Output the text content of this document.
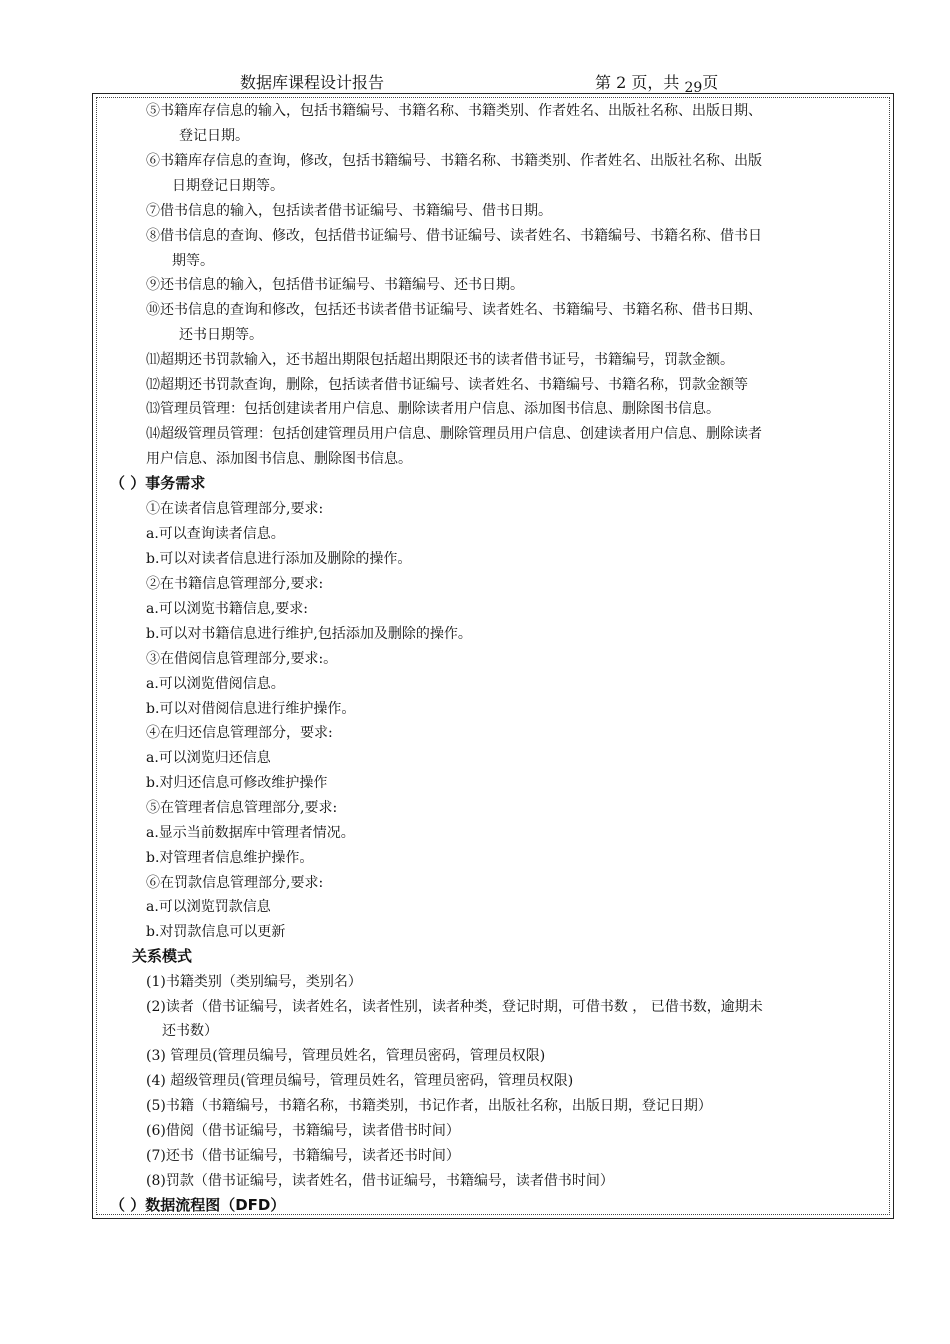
数据库课程设计报告	第 2 页，共 29页
⑤书籍库存信息的输入，包括书籍编号、书籍名称、书籍类别、作者姓名、出版社名称、出版日期、
登记日期。
⑥书籍库存信息的查询，修改，包括书籍编号、书籍名称、书籍类别、作者姓名、出版社名称、出版
日期登记日期等。
⑦借书信息的输入，包括读者借书证编号、书籍编号、借书日期。
⑧借书信息的查询、修改，包括借书证编号、借书证编号、读者姓名、书籍编号、书籍名称、借书日
期等。
⑨还书信息的输入，包括借书证编号、书籍编号、还书日期。
⑩还书信息的查询和修改，包括还书读者借书证编号、读者姓名、书籍编号、书籍名称、借书日期、
还书日期等。
⑾超期还书罚款输入，还书超出期限包括超出期限还书的读者借书证号，书籍编号，罚款金额。
⑿超期还书罚款查询，删除，包括读者借书证编号、读者姓名、书籍编号、书籍名称，罚款金额等
⒀管理员管理：包括创建读者用户信息、删除读者用户信息、添加图书信息、删除图书信息。
⒁超级管理员管理：包括创建管理员用户信息、删除管理员用户信息、创建读者用户信息、删除读者
用户信息、添加图书信息、删除图书信息。
（ ）事务需求
①在读者信息管理部分,要求:
a.可以查询读者信息。
b.可以对读者信息进行添加及删除的操作。
②在书籍信息管理部分,要求:
a.可以浏览书籍信息,要求:
b.可以对书籍信息进行维护,包括添加及删除的操作。
③在借阅信息管理部分,要求:。
a.可以浏览借阅信息。
b.可以对借阅信息进行维护操作。
④在归还信息管理部分，要求:
a.可以浏览归还信息
b.对归还信息可修改维护操作
⑤在管理者信息管理部分,要求:
a.显示当前数据库中管理者情况。
b.对管理者信息维护操作。
⑥在罚款信息管理部分,要求:
a.可以浏览罚款信息
b.对罚款信息可以更新
关系模式
(1)书籍类别（类别编号，类别名）
(2)读者（借书证编号，读者姓名，读者性别，读者种类，登记时期，可借书数 ， 已借书数，逾期未
还书数）
(3) 管理员(管理员编号，管理员姓名，管理员密码，管理员权限)
(4) 超级管理员(管理员编号，管理员姓名，管理员密码，管理员权限)
(5)书籍（书籍编号，书籍名称，书籍类别，书记作者，出版社名称，出版日期，登记日期）
(6)借阅（借书证编号，书籍编号，读者借书时间）
(7)还书（借书证编号，书籍编号，读者还书时间）
(8)罚款（借书证编号，读者姓名，借书证编号，书籍编号，读者借书时间）
（ ）数据流程图（DFD）
